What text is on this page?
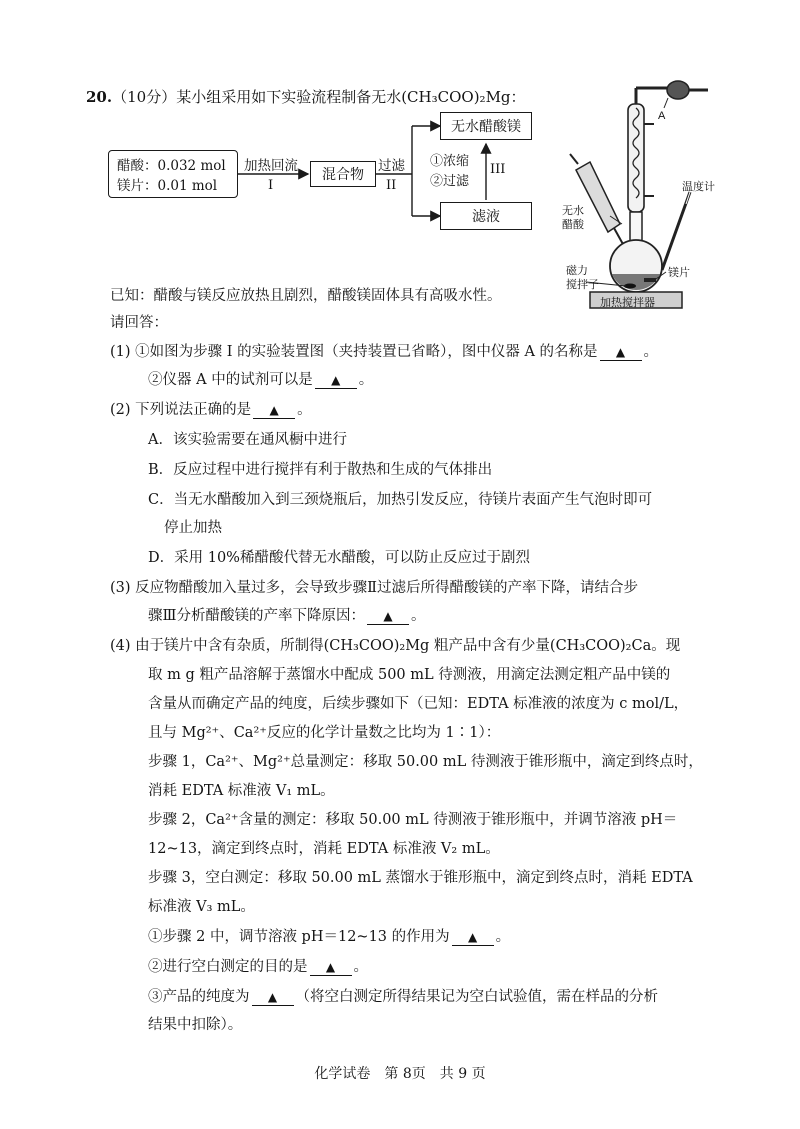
20.（10分）某小组采用如下实验流程制备无水(CH₃COO)₂Mg：
醋酸：0.032 mol
镁片：0.01 mol
加热回流
I
混合物
过滤
II
无水醋酸镁
①浓缩
②过滤
III
滤液
A
温度计
无水
醋酸
磁力
搅拌子
镁片
加热搅拌器
已知：醋酸与镁反应放热且剧烈，醋酸镁固体具有高吸水性。
请回答：
(1) ①如图为步骤 I 的实验装置图（夹持装置已省略），图中仪器 A 的名称是 ▲ 。
②仪器 A 中的试剂可以是 ▲ 。
(2) 下列说法正确的是 ▲ 。
A．该实验需要在通风橱中进行
B．反应过程中进行搅拌有利于散热和生成的气体排出
C．当无水醋酸加入到三颈烧瓶后，加热引发反应，待镁片表面产生气泡时即可
停止加热
D．采用 10%稀醋酸代替无水醋酸，可以防止反应过于剧烈
(3) 反应物醋酸加入量过多，会导致步骤Ⅱ过滤后所得醋酸镁的产率下降，请结合步
骤Ⅲ分析醋酸镁的产率下降原因： ▲ 。
(4) 由于镁片中含有杂质，所制得(CH₃COO)₂Mg 粗产品中含有少量(CH₃COO)₂Ca。现
取 m g 粗产品溶解于蒸馏水中配成 500 mL 待测液，用滴定法测定粗产品中镁的
含量从而确定产品的纯度，后续步骤如下（已知：EDTA 标准液的浓度为 c mol/L，
且与 Mg²⁺、Ca²⁺反应的化学计量数之比均为 1∶1）：
步骤 1，Ca²⁺、Mg²⁺总量测定：移取 50.00 mL 待测液于锥形瓶中，滴定到终点时，
消耗 EDTA 标准液 V₁ mL。
步骤 2，Ca²⁺含量的测定：移取 50.00 mL 待测液于锥形瓶中，并调节溶液 pH＝
12~13，滴定到终点时，消耗 EDTA 标准液 V₂ mL。
步骤 3，空白测定：移取 50.00 mL 蒸馏水于锥形瓶中，滴定到终点时，消耗 EDTA
标准液 V₃ mL。
①步骤 2 中，调节溶液 pH＝12~13 的作用为 ▲ 。
②进行空白测定的目的是 ▲ 。
③产品的纯度为 ▲ （将空白测定所得结果记为空白试验值，需在样品的分析
结果中扣除）。
化学试卷　第 8页　共 9 页
